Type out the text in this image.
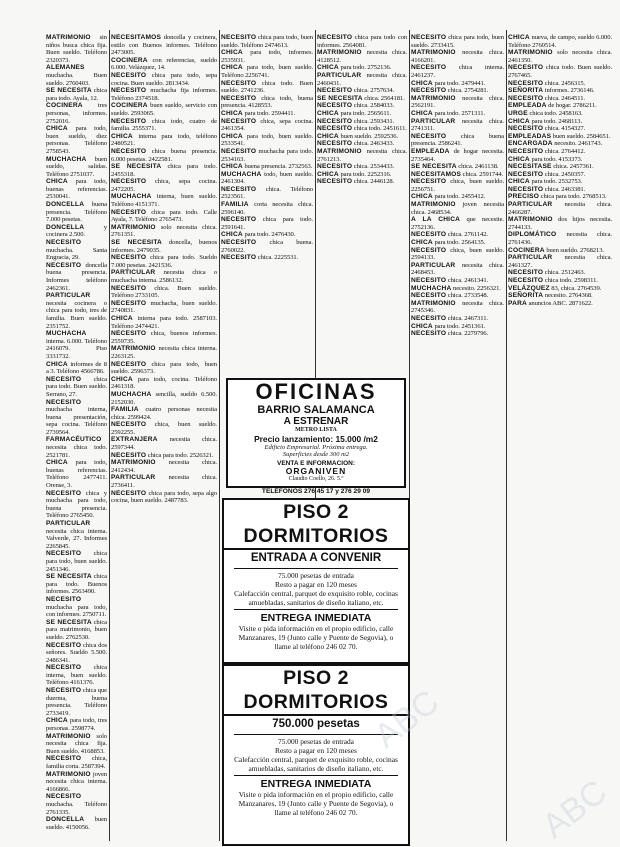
MATRIMONIO sin niños busca chica fija. Buen sueldo. Teléfono 2320373.

ALEMANES muchacha. Buen sueldo. 2760403.

SE NECESITA chica para todo. Ayala, 12.

COCINERA tres personas, informes. 2752016.

CHICA para todo, buen sueldo, diez personas. Teléfono 2758543.

MUCHACHA buen sueldo, salidas. Teléfono 2751037.

CHICA para todo, buenas referencias. 2530041.

DONCELLA buena presencia. Teléfono 7.000 pesetas.

DONCELLA	y cocinera 2.500.

NECESITO muchacha. Santa Engracia, 29.

NECESITO doncella buena presencia. Informes teléfono 2462361.

PARTICULAR necesita cocinera o chica para todo, tres de familia. Buen sueldo. 2351752.

MUCHACHA interna. 6.000. Teléfono 2416079. Piso 3331732.

CHICA informes de 8 a 3. Teléfono 4566786.

NECESITO chica para todo. Buen sueldo. Serrano, 27.

NECESITO muchacha interna, buena presentación, sepa cocina. Teléfono 2739564.

FARMACÉUTICO necesita chica todo. 2521781.

CHICA para todo, buenas referencias. Teléfono 2477411. Orense, 3.

NECESITO chica y muchacha para todo, buena presencia. Teléfono 2765450.

PARTICULAR necesita chica interna. Valverde, 27. Informes 2265845.

NECESITO chica para todo, buen sueldo. 2451346.

SE NECESITA chica para todo. Buenos informes. 2563490.

NECESITO muchacha para todo, con informes. 2750711.

SE NECESITA chica para matrimonio, buen sueldo. 2762530.

NECESITO chica dos señores. Sueldo 5.500. 2486341.

NECESITO chica interna, buen sueldo. Teléfono 4161376.

NECESITO chica que duerma, buena presencia. Teléfono 2733419.

CHICA para todo, tres personas. 2598774.

MATRIMONIO solo necesita chica fija. Buen sueldo. 4168853.

NECESITO chica, familia corta. 2587394.

MATRIMONIO joven necesita chica interna. 4166866.

NECESITO muchacha. Teléfono 2761335.

DONCELLA buen sueldo. 4150056.

NECESITAMOS doncella y cocinera, estilo con Buenos informes. Teléfono 2473005.

COCINERA con referencias, sueldo 6.000. Velázquez, 14.

NECESITO chica para todo, sepa cocina. Buen sueldo. 2813434.

NECESITO muchacha fija informes. Teléfono 2374518.

COCINERA buen sueldo, servicio con sueldo. 2593065.

NECESITO chica todo, cuatro de familia. 2555371.

CHICA interna para todo, teléfono 2480521.

NECESITO chica buena presencia. 6.000 pesetas. 2422581.

SE NECESITA chica para todo. 2455318.

NECESITO chica, sepa cocina. 2472205.

MUCHACHA interna, buen sueldo. Teléfono 4151371.

NECESITO chica para todo. Calle Ayala, 7. Teléfono 2765473.

MATRIMONIO solo necesita chica. 2761351.

SE NECESITA doncella, buenos informes. 2479035.

NECESITO chica para todo. Sueldo 7.000 pesetas. 2421536.

PARTICULAR necesita chica o muchacha interna. 2586132.

NECESITO chica. Buen sueldo. Teléfono 2733105.

NECESITO muchacha, buen sueldo. 2740831.

CHICA interna para todo. 2587103. Teléfono 2474421.

NECESITO chica, buenos informes. 2559735.

MATRIMONIO necesita chica interna. 2263125.

NECESITO chica para todo, buen sueldo. 2596373.

CHICA para todo, cocina. Teléfono 2461318.

MUCHACHA sencilla, sueldo 6.500. 2152030.

FAMILIA cuatro personas necesita chica. 2599424.

NECESITO chica, buen sueldo. 2592255.

EXTRANJERA necesita chica. 2597344.

NECESITO chica para todo. 2526321.

MATRIMONIO necesita chica. 2412434.

PARTICULAR necesita chica. 2736411.

NECESITO chica para todo, sepa algo cocina, buen sueldo. 2487783.

NECESITO chica para todo, buen sueldo. Teléfono 2474613.

CHICA para todo, informes. 2535931.

CHICA para todo, buen sueldo. Teléfono 2256741.

NECESITO chica todo. Buen sueldo. 2741236.

NECESITO chica todo, buena presencia. 4128553.

CHICA para todo. 2594411.

NECESITO chica, sepa cocina. 2461354.

CHICA para todo, buen sueldo. 2533541.

NECESITO muchacha para todo. 2534163.

CHICA buena presencia. 2732563.

MUCHACHA todo, buen sueldo. 2461304.

NECESITO chica. Teléfono 2523561.

FAMILIA corta necesita chica. 2596140.

NECESITO chica para todo. 2591641.

CHICA para todo. 2476430.

NECESITO chica buena. 2760022.

NECESITO chica. 2225531.

NECESITO chica para todo con informes. 2564081.

MATRIMONIO necesita chica. 4128512.

CHICA para todo. 2752136.

PARTICULAR necesita chica. 2460431.

NECESITO chica. 2757634.

SE NECESITA chica. 2564181.

NECESITO chica. 2584033.

CHICA para todo. 2565611.

NECESITO chica. 2593431.

NECESITO chica todo. 2451611.

CHICA buen sueldo. 2592536.

NECESITO chica. 2463433.

MATRIMONIO necesita chica. 2761213.

NECESITO chica. 2534433.

CHICA para todo. 2252316.

NECESITO chica. 2446128.

NECESITO chica para todo, buen sueldo. 2733415.

MATRIMONIO necesita chica. 4166201.

NECESITO chica interna. 2461237.

CHICA para todo. 2479441.

NECESITO chica. 2754281.

MATRIMONIO necesita chica. 2562191.

CHICA para todo. 2571311.

PARTICULAR necesita chica. 2741311.

NECESITO chica buena presencia. 2586241.

EMPLEADA de hogar necesita. 2735464.

SE NECESITA chica. 2461138.

NECESITAMOS chica. 2591744.

NECESITO chica, buen sueldo. 2256751.

CHICA para todo. 2455412.

MATRIMONIO joven necesita chica. 2468534.

A LA CHICA que necesite. 2752136.

NECESITO chica. 2761142.

CHICA para todo. 2564135.

NECESITO chica, buen sueldo. 2594133.

PARTICULAR necesita chica. 2468453.

NECESITO chica. 2461341.

MUCHACHA necesito. 2256321.

NECESITO chica. 2733548.

MATRIMONIO necesita chica. 2745346.

NECESITO chica. 2467311.

CHICA para todo. 2451361.

NECESITO chica. 2279796.

CHICA nueva, de campo, sueldo 6.000. Teléfono 2760514.

MATRIMONIO solo necesita chica. 2461350.

NECESITO chica todo. Buen sueldo. 2767465.

NECESITO chica. 2456315.

SEÑORITA informes. 2736146.

NECESITO chica. 2464511.

EMPLEADA de hogar. 2786211.

URGE chica todo. 2458163.

CHICA para todo. 2468113.

NECESITO chica. 4154327.

EMPLEADAS buen sueldo. 2584651.

ENCARGADA necesito. 2461743.

NECESITO chica. 2764412.

CHICA para todo. 4153373.

NECESITASE chica. 2457361.

NECESITO chica. 2450357.

CHICA para todo. 2532753.

NECESITO chica. 2463381.

PRECISO chica para todo. 2768513.

PARTICULAR necesita chica. 2466287.

MATRIMONIO dos hijos necesita. 2744133.

DIPLOMÁTICO necesita chica. 2761436.

COCINERA buen sueldo. 2768213.

PARTICULAR necesita chica. 2461327.

NECESITO chica. 2512463.

NECESITO chica todo. 2598311.

VELÁZQUEZ 83, chica. 2764539.

SEÑORITA necesito. 2764368.

PARA anuncios ABC. 2871622.

OFICINAS
BARRIO SALAMANCA
A ESTRENAR
METRO LISTA
Precio lanzamiento: 15.000 /m2
Edificio Empresarial. Próxima entrega.
Superficies desde 300 m2
VENTA E INFORMACIÓN:
ORGANIVEN
Claudio Coello, 26. 5.º
TELÉFONOS 276 45 17 y 276 29 09
PISO 2 DORMITORIOS
ENTRADA A CONVENIR
75.000 pesetas de entrada
Resto a pagar en 120 meses
Calefacción central, parquet de exquisito roble, cocinas amuebladas, sanitarios de diseño italiano, etc.
ENTREGA INMEDIATA
Visite o pida información en el propio edificio, calle Manzanares, 19 (Junto calle y Puente de Segovia), o llame al teléfono 246 02 70.
PISO 2 DORMITORIOS
750.000 pesetas
75.000 pesetas de entrada
Resto a pagar en 120 meses
Calefacción central, parquet de exquisito roble, cocinas amuebladas, sanitarios de diseño italiano, etc.
ENTREGA INMEDIATA
Visite o pida información en el propio edificio, calle Manzanares, 19 (Junto calle y Puente de Segovia), o llame al teléfono 246 02 70.
ABC
ABC
